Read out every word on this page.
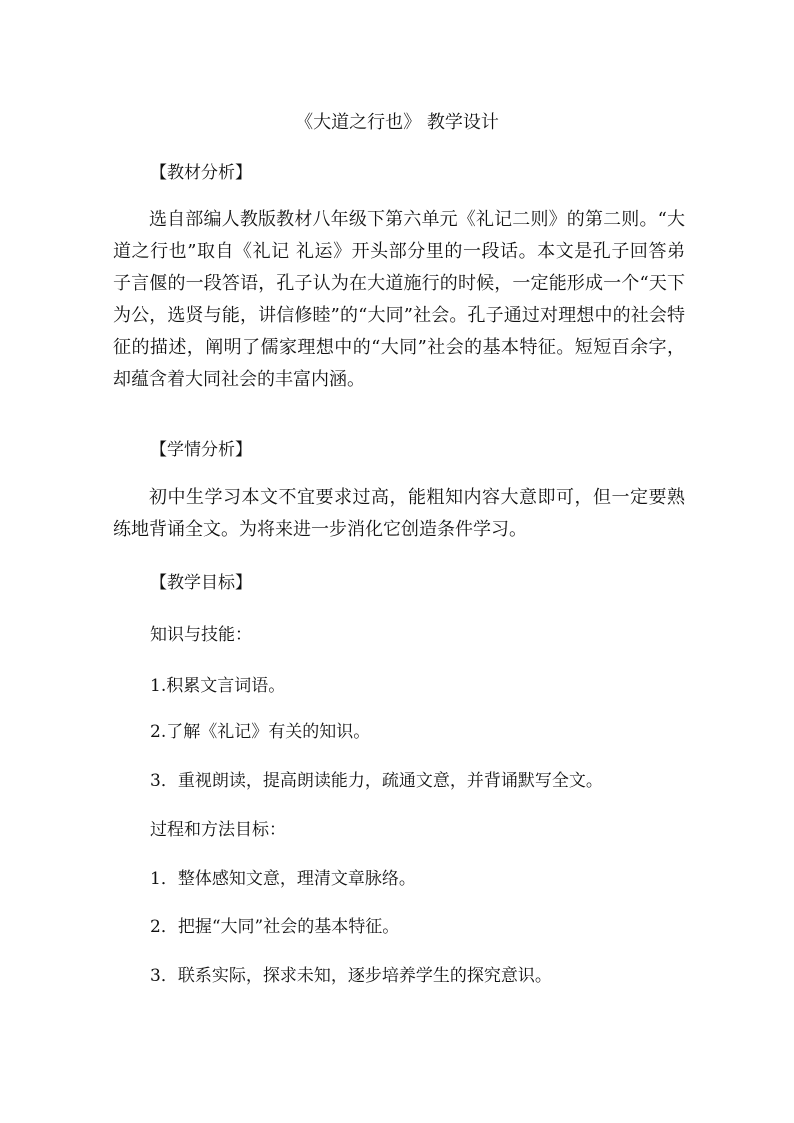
《大道之行也》 教学设计
【教材分析】
选自部编人教版教材八年级下第六单元《礼记二则》的第二则。“大道之行也”取自《礼记 礼运》开头部分里的一段话。本文是孔子回答弟子言偃的一段答语，孔子认为在大道施行的时候，一定能形成一个“天下为公，选贤与能，讲信修睦”的“大同”社会。孔子通过对理想中的社会特征的描述，阐明了儒家理想中的“大同”社会的基本特征。短短百余字，却蕴含着大同社会的丰富内涵。
【学情分析】
初中生学习本文不宜要求过高，能粗知内容大意即可，但一定要熟练地背诵全文。为将来进一步消化它创造条件学习。
【教学目标】
知识与技能：
1.积累文言词语。
2.了解《礼记》有关的知识。
3．重视朗读，提高朗读能力，疏通文意，并背诵默写全文。
过程和方法目标：
1．整体感知文意，理清文章脉络。
2．把握“大同”社会的基本特征。
3．联系实际，探求未知，逐步培养学生的探究意识。
